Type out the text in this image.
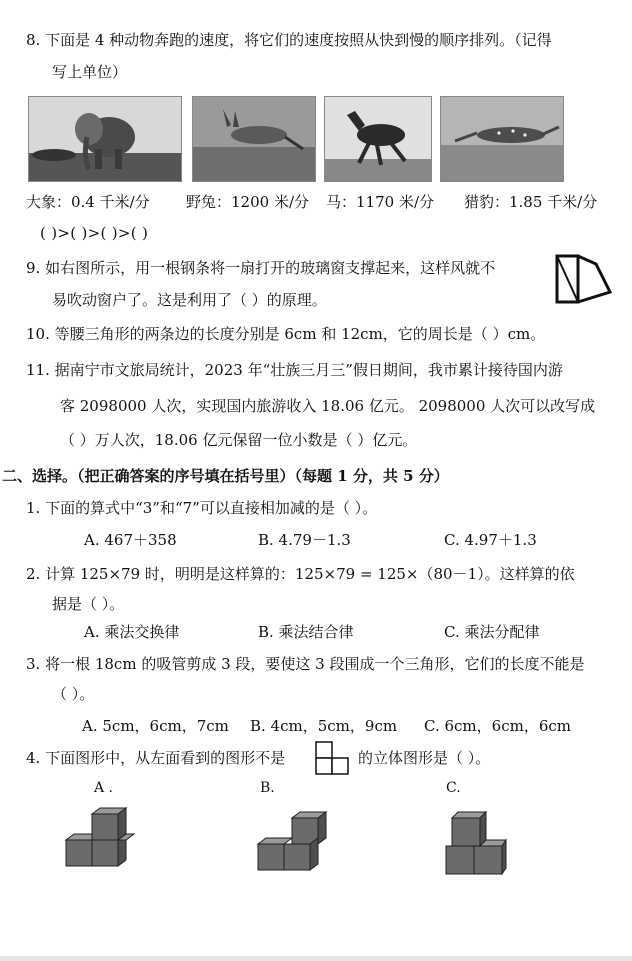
8. 下面是 4 种动物奔跑的速度，将它们的速度按照从快到慢的顺序排列。（记得
写上单位）
大象：0.4 千米/分 野兔：1200 米/分 马：1170 米/分 猎豹：1.85 千米/分
( )>( )>( )>( )
9. 如右图所示，用一根钢条将一扇打开的玻璃窗支撑起来，这样风就不
易吹动窗户了。这是利用了（ ）的原理。
10. 等腰三角形的两条边的长度分别是 6cm 和 12cm，它的周长是（ ）cm。
11. 据南宁市文旅局统计，2023 年“壮族三月三”假日期间，我市累计接待国内游
客 2098000 人次，实现国内旅游收入 18.06 亿元。 2098000 人次可以改写成
（ ）万人次，18.06 亿元保留一位小数是（ ）亿元。
二、选择。（把正确答案的序号填在括号里）（每题 1 分，共 5 分）
1. 下面的算式中“3”和“7”可以直接相加减的是（ ）。
A. 467＋358	B. 4.79－1.3	C. 4.97＋1.3
2. 计算 125×79 时，明明是这样算的：125×79 = 125×（80－1）。这样算的依
据是（ ）。
A. 乘法交换律	B. 乘法结合律	C. 乘法分配律
3. 将一根 18cm 的吸管剪成 3 段，要使这 3 段围成一个三角形，它们的长度不能是
（ ）。
A. 5cm，6cm，7cm B. 4cm，5cm，9cm C. 6cm，6cm，6cm
4. 下面图形中，从左面看到的图形不是	的立体图形是（ ）。
A .	B.	C.
